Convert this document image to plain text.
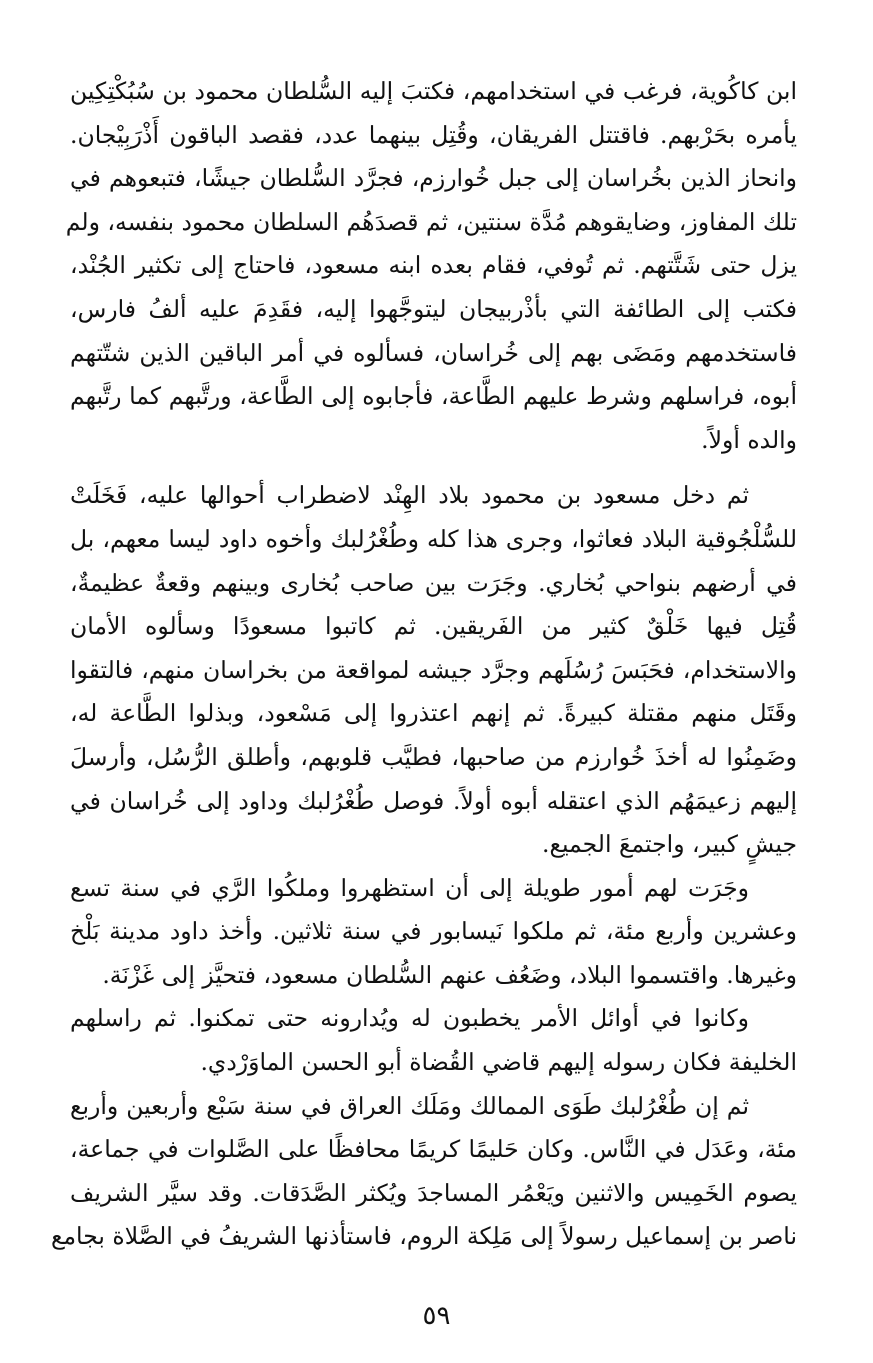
ابن كاكُوية، فرغب في استخدامهم، فكتبَ إليه السُّلطان محمود بن سُبُكْتِكِين
يأمره بحَرْبهم. فاقتتل الفريقان، وقُتِل بينهما عدد، فقصد الباقون أَذْرَبِيْجان.
وانحاز الذين بخُراسان إلى جبل خُوارزم، فجرَّد السُّلطان جيشًا، فتبعوهم في
تلك المفاوز، وضايقوهم مُدَّة سنتين، ثم قصدَهُم السلطان محمود بنفسه، ولم
يزل حتى شَتَّتهم. ثم تُوفي، فقام بعده ابنه مسعود، فاحتاج إلى تكثير الجُنْد،
فكتب إلى الطائفة التي بأذْربيجان ليتوجَّهوا إليه، فقَدِمَ عليه ألفُ فارس،
فاستخدمهم ومَضَى بهم إلى خُراسان، فسألوه في أمر الباقين الذين شتّتهم
أبوه، فراسلهم وشرط عليهم الطَّاعة، فأجابوه إلى الطَّاعة، ورتَّبهم كما رتَّبهم
والده أولاً.
ثم دخل مسعود بن محمود بلاد الهِنْد لاضطراب أحوالها عليه، فَخَلَتْ
للسُّلْجُوقية البلاد فعاثوا، وجرى هذا كله وطُغْرُلبك وأخوه داود ليسا معهم، بل
في أرضهم بنواحي بُخاري. وجَرَت بين صاحب بُخارى وبينهم وقعةٌ عظيمةٌ،
قُتِل فيها خَلْقٌ كثير من الفَريقين. ثم كاتبوا مسعودًا وسألوه الأمان
والاستخدام، فحَبَسَ رُسُلَهم وجرَّد جيشه لمواقعة من بخراسان منهم، فالتقوا
وقَتَل منهم مقتلة كبيرةً. ثم إنهم اعتذروا إلى مَسْعود، وبذلوا الطَّاعة له،
وضَمِنُوا له أخذَ خُوارزم من صاحبها، فطيَّب قلوبهم، وأطلق الرُّسُل، وأرسلَ
إليهم زعيمَهُم الذي اعتقله أبوه أولاً. فوصل طُغْرُلبك وداود إلى خُراسان في
جيشٍ كبير، واجتمعَ الجميع.
وجَرَت لهم أمور طويلة إلى أن استظهروا وملكُوا الرَّي في سنة تسع
وعشرين وأربع مئة، ثم ملكوا نَيسابور في سنة ثلاثين. وأخذ داود مدينة بَلْخ
وغيرها. واقتسموا البلاد، وضَعُف عنهم السُّلطان مسعود، فتحيَّز إلى غَزْنَة.
وكانوا في أوائل الأمر يخطبون له ويُدارونه حتى تمكنوا. ثم راسلهم
الخليفة فكان رسوله إليهم قاضي القُضاة أبو الحسن الماوَرْدي.
ثم إن طُغْرُلبك طَوَى الممالك ومَلَك العراق في سنة سَبْع وأربعين وأربع
مئة، وعَدَل في النَّاس. وكان حَليمًا كريمًا محافظًا على الصَّلوات في جماعة،
يصوم الخَمِيس والاثنين ويَعْمُر المساجدَ ويُكثر الصَّدَقات. وقد سيَّر الشريف
ناصر بن إسماعيل رسولاً إلى مَلِكة الروم، فاستأذنها الشريفُ في الصَّلاة بجامع
٥٩
